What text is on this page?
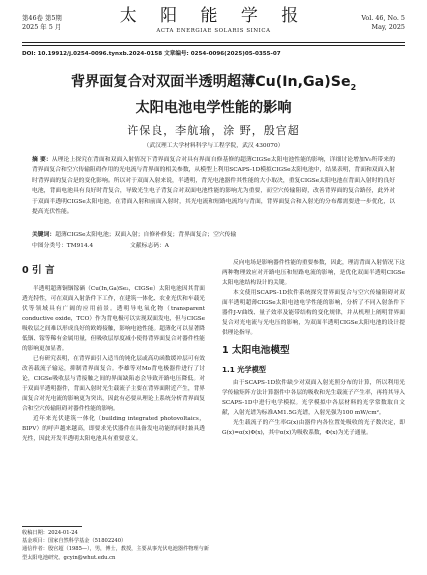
第46卷 第5期
2025 年 5 月
太 阳 能 学 报
ACTA ENERGIAE SOLARIS SINICA
Vol. 46, No. 5
May, 2025
DOI: 10.19912/j.0254-0096.tynxb.2024-0158 文章编号: 0254-0096(2025)05-0355-07
背界面复合对双面半透明超薄$Cu(In,Ga)Se_2$
太阳电池电学性能的影响
许保良，李航瑜，涂 野，殷官超
（武汉理工大学材料科学与工程学院，武汉 430070）
摘 要：从理论上探究在背面和双面入射情况下背界面复合对具有界面自修基修的超薄CIGSe太阳电池性能的影响，详细讨论增加V₀所带来的背界面复合和空穴传输阻碍作用的光电流与背界面的相关参数，从模型上利用SCAPS-1D模拟CIGSe太阳电池中，结果表明，背面和双面入射时背界面的复合是的变化影响。所以对于双面入射来说，半透明，背光电池器件其性能的大小取决，重复CIGSe太阳电池在背面入射时的良好电池，背面电池具有良好时背复合，导致光生电子背复合对双面电池性能的影响尤为重要，而空穴传输阻碍，改善背界面的复合路径，此外对于双面半透明CIGSe太阳电池，在背面入射和前面入射时，其光电流和短路电流均与背面，背界面复合和入射光的分布都需要进一步优化，以提高光伏性能。
关键词：超薄CIGSe太阳电池；双面入射；自修补修复；背界面复合；空穴传输
中图分类号：TM914.4	文献标志码：A
0 引 言

半透明超薄铜铟镓硒（Cu(In,Ga)Se₂，CIGSe）太阳电池因其背面透光特性，可在双面入射条件下工作，在建筑一体化、农业光伏和车载光伏等领域具有广阔的应用前景。透明导电氧化物（transparent conductive oxide，TCO）作为背电极可以实现双面发电，但与CIGSe吸收层之间难以形成良好的欧姆接触，影响电池性能。超薄化可以显著降低铟、镓等稀有金属用量，但吸收层厚度减小使得背界面复合对器件性能的影响更加显著。

已有研究表明，在背界面引入适当的钝化层或高功函数缓冲层可有效改善载流子输运，抑制背界面复合。李雄等对Mo背电极器件进行了讨论，CIGSe吸收层与背接触之间的界面缺陷态会导致开路电压降低。对于双面半透明器件，背面入射时光生载流子主要在背界面附近产生，背界面复合对光电流的影响更为突出，因此有必要从理论上系统分析背界面复合和空穴传输阻碍对器件性能的影响。

近年来光伏建筑一体化（building integrated photovoltaics，BIPV）的呼声越来越高，即要求光伏器件在具备发电功能的同时兼具透光性，因此开发半透明太阳电池具有重要意义。

反向电场是影响器件性能的重要参数，因此，理清背面入射情况下这两种物理效应对开路电压和短路电流的影响，是优化双面半透明CIGSe太阳电池结构设计的关键。

本文使用SCAPS-1D软件系统探究背界面复合与空穴传输阻碍对双面半透明超薄CIGSe太阳电池电学性能的影响，分析了不同入射条件下器件J-V曲线、量子效率及能带结构的变化规律，并从机理上阐明背界面复合对光电流与光电压的影响，为双面半透明CIGSe太阳电池的设计提供理论指导。

1 太阳电池模型
1.1 光学模型

由于SCAPS-1D软件缺少对双面入射光照分布的计算，所以利用光学传输矩阵方法计算器件中各层的吸收和光生载流子产生率，再将其导入SCAPS-1D中进行电学模拟。光学模拟中各层材料的光学常数取自文献，入射光谱为标准AM1.5G光谱，入射光强为100 mW/cm²。

光生载流子的产生率G(x)由器件内各位置处吸收的光子数决定，即G(x)=α(x)Φ(x)，其中α(x)为吸收系数，Φ(x)为光子通量。

收稿日期：2024-01-24
基金项目：国家自然科学基金（51802240）
通信作者：殷官超（1985—），男，博士，教授，主要从事光伏电池器件物理与新型太阳电池研究。gcyin@whut.edu.cn
